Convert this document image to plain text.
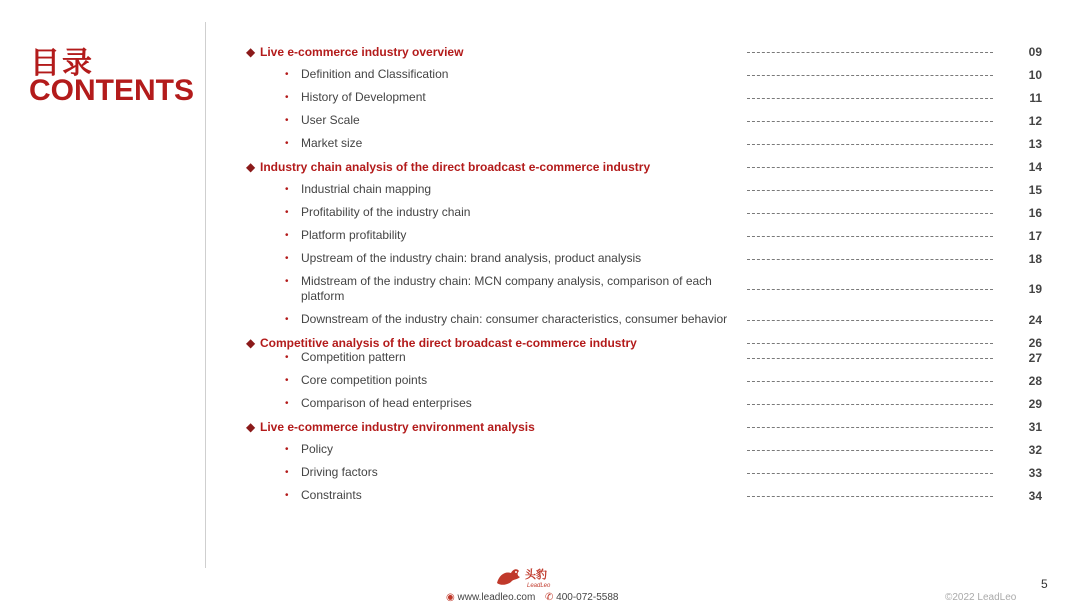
目录
CONTENTS
◆ Live e-commerce industry overview	09
•	Definition and Classification	10
•	History of Development	11
•	User Scale	12
•	Market size	13
◆ Industry chain analysis of the direct broadcast e-commerce industry	14
•	Industrial chain mapping	15
•	Profitability of the industry chain	16
•	Platform profitability	17
•	Upstream of the industry chain: brand analysis, product analysis	18
•	Midstream of the industry chain: MCN company analysis, comparison of each platform	19
•	Downstream of the industry chain: consumer characteristics, consumer behavior	24
◆ Competitive analysis of the direct broadcast e-commerce industry	26
•	Competition pattern	27
•	Core competition points	28
•	Comparison of head enterprises	29
◆ Live e-commerce industry environment analysis	31
•	Policy	32
•	Driving factors	33
•	Constraints	34
头豹
LeadLeo
◉ www.leadleo.com ✆ 400-072-5588	©2022 LeadLeo
5
